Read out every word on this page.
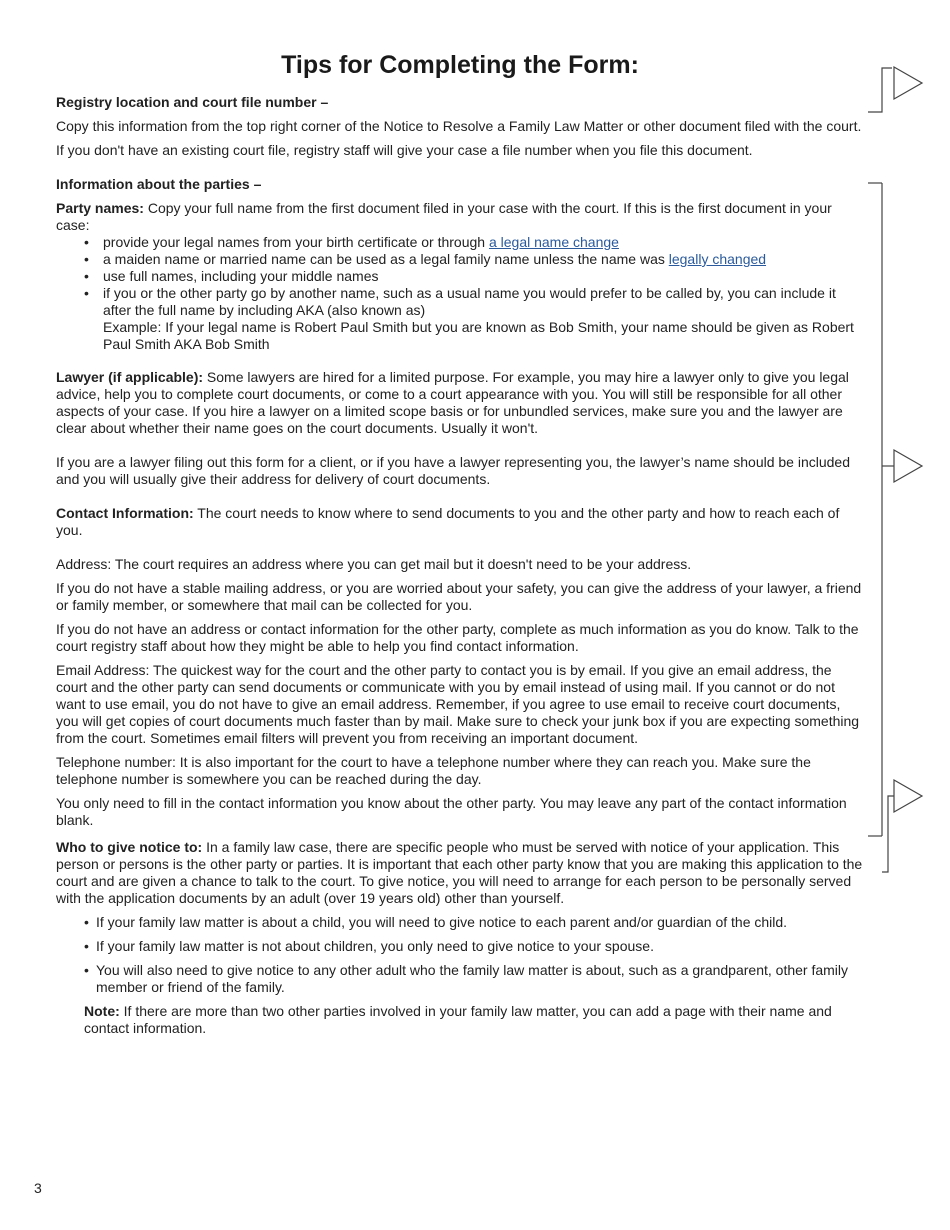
Tips for Completing the Form:

Registry location and court file number –

Copy this information from the top right corner of the Notice to Resolve a Family Law Matter or other document filed with the court.

If you don't have an existing court file, registry staff will give your case a file number when you file this document.

Information about the parties –

Party names: Copy your full name from the first document filed in your case with the court. If this is the first document in your case:

• provide your legal names from your birth certificate or through a legal name change
• a maiden name or married name can be used as a legal family name unless the name was legally changed
• use full names, including your middle names
• if you or the other party go by another name, such as a usual name you would prefer to be called by, you can include it after the full name by including AKA (also known as)
Example: If your legal name is Robert Paul Smith but you are known as Bob Smith, your name should be given as Robert Paul Smith AKA Bob Smith

Lawyer (if applicable): Some lawyers are hired for a limited purpose. For example, you may hire a lawyer only to give you legal advice, help you to complete court documents, or come to a court appearance with you. You will still be responsible for all other aspects of your case. If you hire a lawyer on a limited scope basis or for unbundled services, make sure you and the lawyer are clear about whether their name goes on the court documents. Usually it won't.

If you are a lawyer filing out this form for a client, or if you have a lawyer representing you, the lawyer’s name should be included and you will usually give their address for delivery of court documents.

Contact Information: The court needs to know where to send documents to you and the other party and how to reach each of you.

Address: The court requires an address where you can get mail but it doesn't need to be your address.

If you do not have a stable mailing address, or you are worried about your safety, you can give the address of your lawyer, a friend or family member, or somewhere that mail can be collected for you.

If you do not have an address or contact information for the other party, complete as much information as you do know. Talk to the court registry staff about how they might be able to help you find contact information.

Email Address: The quickest way for the court and the other party to contact you is by email. If you give an email address, the court and the other party can send documents or communicate with you by email instead of using mail. If you cannot or do not want to use email, you do not have to give an email address. Remember, if you agree to use email to receive court documents, you will get copies of court documents much faster than by mail. Make sure to check your junk box if you are expecting something from the court. Sometimes email filters will prevent you from receiving an important document.

Telephone number: It is also important for the court to have a telephone number where they can reach you. Make sure the telephone number is somewhere you can be reached during the day.

You only need to fill in the contact information you know about the other party. You may leave any part of the contact information blank.

Who to give notice to: In a family law case, there are specific people who must be served with notice of your application. This person or persons is the other party or parties. It is important that each other party know that you are making this application to the court and are given a chance to talk to the court. To give notice, you will need to arrange for each person to be personally served with the application documents by an adult (over 19 years old) other than yourself.

• If your family law matter is about a child, you will need to give notice to each parent and/or guardian of the child.
• If your family law matter is not about children, you only need to give notice to your spouse.
• You will also need to give notice to any other adult who the family law matter is about, such as a grandparent, other family member or friend of the family.

Note: If there are more than two other parties involved in your family law matter, you can add a page with their name and contact information.

3
